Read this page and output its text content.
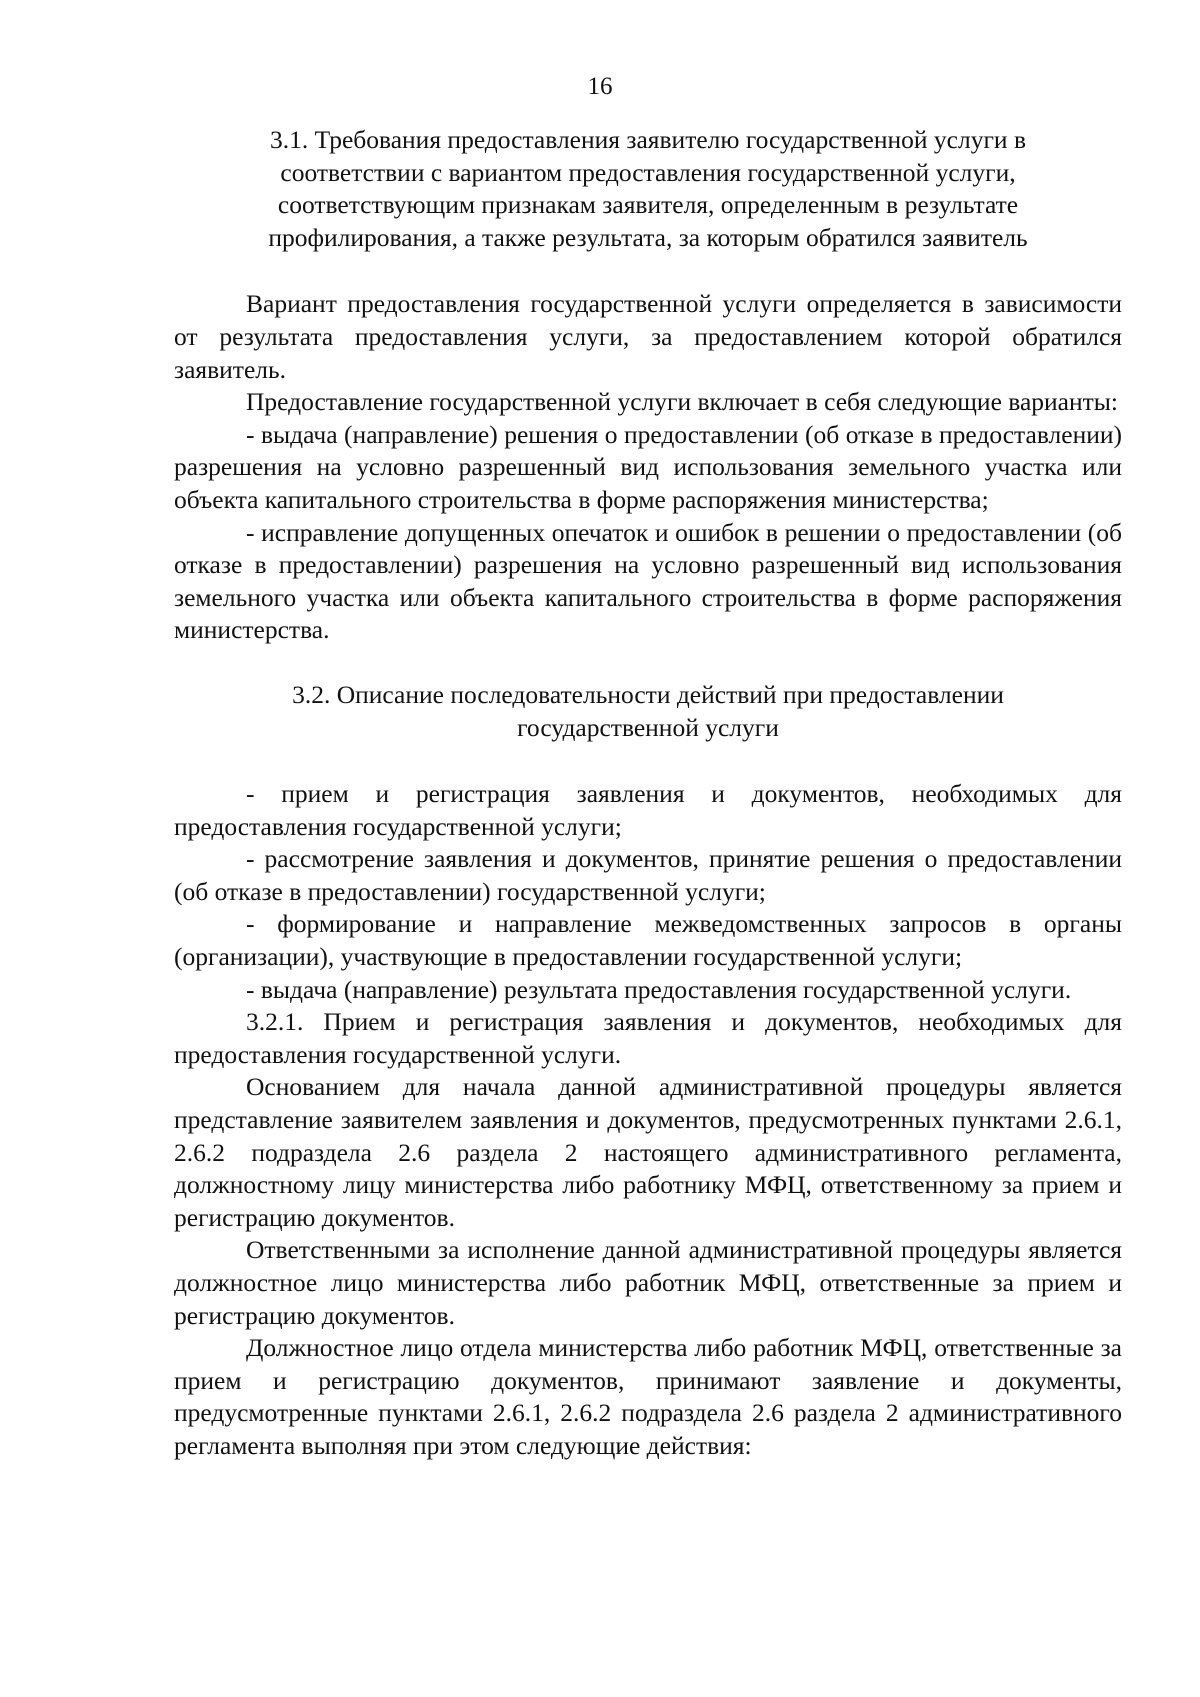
16
3.1. Требования предоставления заявителю государственной услуги в
соответствии с вариантом предоставления государственной услуги,
соответствующим признакам заявителя, определенным в результате
профилирования, а также результата, за которым обратился заявитель

Вариант предоставления государственной услуги определяется в зависимости от результата предоставления услуги, за предоставлением которой обратился заявитель.

Предоставление государственной услуги включает в себя следующие варианты:

- выдача (направление) решения о предоставлении (об отказе в предоставлении) разрешения на условно разрешенный вид использования земельного участка или объекта капитального строительства в форме распоряжения министерства;

- исправление допущенных опечаток и ошибок в решении о предоставлении (об отказе в предоставлении) разрешения на условно разрешенный вид использования земельного участка или объекта капитального строительства в форме распоряжения министерства.

3.2. Описание последовательности действий при предоставлении
государственной услуги

- прием и регистрация заявления и документов, необходимых для предоставления государственной услуги;

- рассмотрение заявления и документов, принятие решения о предоставлении (об отказе в предоставлении) государственной услуги;

- формирование и направление межведомственных запросов в органы (организации), участвующие в предоставлении государственной услуги;

- выдача (направление) результата предоставления государственной услуги.

3.2.1. Прием и регистрация заявления и документов, необходимых для предоставления государственной услуги.

Основанием для начала данной административной процедуры является представление заявителем заявления и документов, предусмотренных пунктами 2.6.1, 2.6.2 подраздела 2.6 раздела 2 настоящего административного регламента, должностному лицу министерства либо работнику МФЦ, ответственному за прием и регистрацию документов.

Ответственными за исполнение данной административной процедуры является должностное лицо министерства либо работник МФЦ, ответственные за прием и регистрацию документов.

Должностное лицо отдела министерства либо работник МФЦ, ответственные за прием и регистрацию документов, принимают заявление и документы, предусмотренные пунктами 2.6.1, 2.6.2 подраздела 2.6 раздела 2 административного регламента выполняя при этом следующие действия:
